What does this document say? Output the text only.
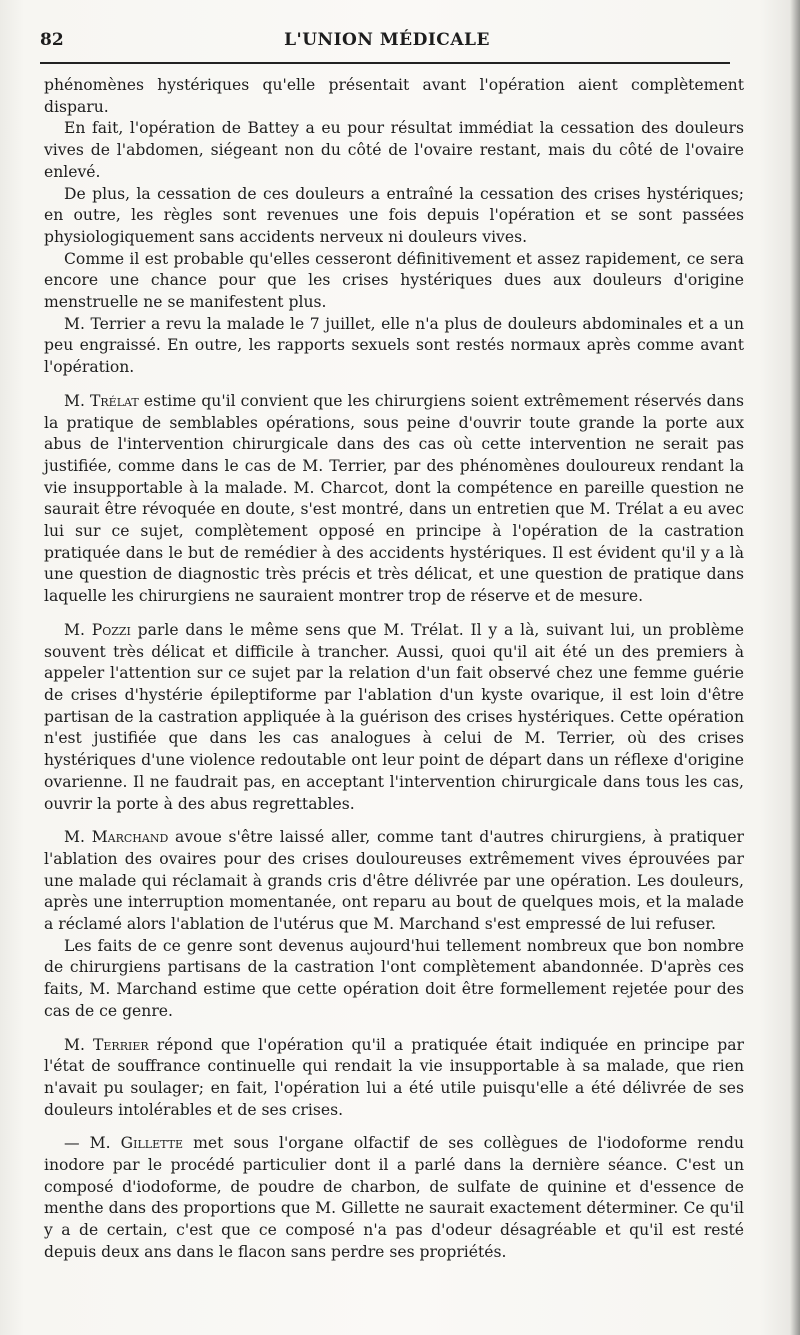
82	L'UNION MÉDICALE

phénomènes hystériques qu'elle présentait avant l'opération aient complètement disparu.

En fait, l'opération de Battey a eu pour résultat immédiat la cessation des douleurs vives de l'abdomen, siégeant non du côté de l'ovaire restant, mais du côté de l'ovaire enlevé.

De plus, la cessation de ces douleurs a entraîné la cessation des crises hystériques; en outre, les règles sont revenues une fois depuis l'opération et se sont passées physiologiquement sans accidents nerveux ni douleurs vives.

Comme il est probable qu'elles cesseront définitivement et assez rapidement, ce sera encore une chance pour que les crises hystériques dues aux douleurs d'origine menstruelle ne se manifestent plus.

M. Terrier a revu la malade le 7 juillet, elle n'a plus de douleurs abdominales et a un peu engraissé. En outre, les rapports sexuels sont restés normaux après comme avant l'opération.

M. Trélat estime qu'il convient que les chirurgiens soient extrêmement réservés dans la pratique de semblables opérations, sous peine d'ouvrir toute grande la porte aux abus de l'intervention chirurgicale dans des cas où cette intervention ne serait pas justifiée, comme dans le cas de M. Terrier, par des phénomènes douloureux rendant la vie insupportable à la malade. M. Charcot, dont la compétence en pareille question ne saurait être révoquée en doute, s'est montré, dans un entretien que M. Trélat a eu avec lui sur ce sujet, complètement opposé en principe à l'opération de la castration pratiquée dans le but de remédier à des accidents hystériques. Il est évident qu'il y a là une question de diagnostic très précis et très délicat, et une question de pratique dans laquelle les chirurgiens ne sauraient montrer trop de réserve et de mesure.

M. Pozzi parle dans le même sens que M. Trélat. Il y a là, suivant lui, un problème souvent très délicat et difficile à trancher. Aussi, quoi qu'il ait été un des premiers à appeler l'attention sur ce sujet par la relation d'un fait observé chez une femme guérie de crises d'hystérie épileptiforme par l'ablation d'un kyste ovarique, il est loin d'être partisan de la castration appliquée à la guérison des crises hystériques. Cette opération n'est justifiée que dans les cas analogues à celui de M. Terrier, où des crises hystériques d'une violence redoutable ont leur point de départ dans un réflexe d'origine ovarienne. Il ne faudrait pas, en acceptant l'intervention chirurgicale dans tous les cas, ouvrir la porte à des abus regrettables.

M. Marchand avoue s'être laissé aller, comme tant d'autres chirurgiens, à pratiquer l'ablation des ovaires pour des crises douloureuses extrêmement vives éprouvées par une malade qui réclamait à grands cris d'être délivrée par une opération. Les douleurs, après une interruption momentanée, ont reparu au bout de quelques mois, et la malade a réclamé alors l'ablation de l'utérus que M. Marchand s'est empressé de lui refuser.

Les faits de ce genre sont devenus aujourd'hui tellement nombreux que bon nombre de chirurgiens partisans de la castration l'ont complètement abandonnée. D'après ces faits, M. Marchand estime que cette opération doit être formellement rejetée pour des cas de ce genre.

M. Terrier répond que l'opération qu'il a pratiquée était indiquée en principe par l'état de souffrance continuelle qui rendait la vie insupportable à sa malade, que rien n'avait pu soulager; en fait, l'opération lui a été utile puisqu'elle a été délivrée de ses douleurs intolérables et de ses crises.

— M. Gillette met sous l'organe olfactif de ses collègues de l'iodoforme rendu inodore par le procédé particulier dont il a parlé dans la dernière séance. C'est un composé d'iodoforme, de poudre de charbon, de sulfate de quinine et d'essence de menthe dans des proportions que M. Gillette ne saurait exactement déterminer. Ce qu'il y a de certain, c'est que ce composé n'a pas d'odeur désagréable et qu'il est resté depuis deux ans dans le flacon sans perdre ses propriétés.
